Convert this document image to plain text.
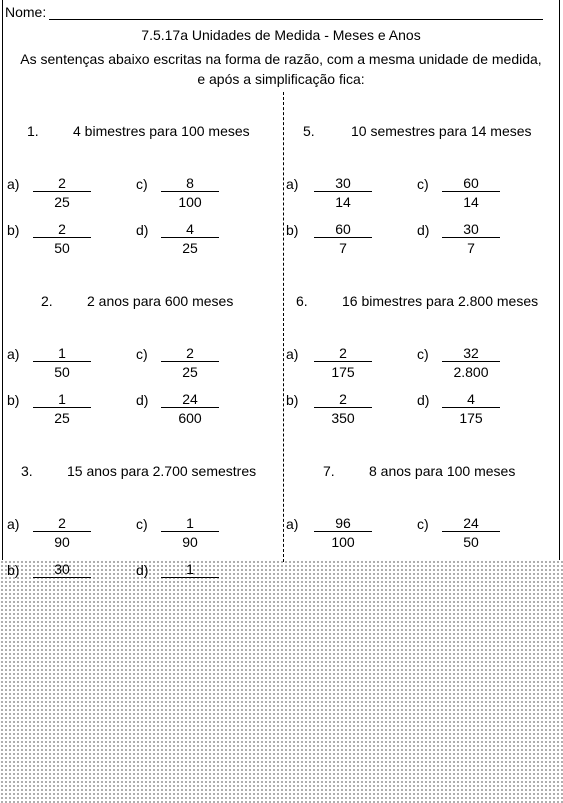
Nome:
7.5.17a Unidades de Medida - Meses e Anos
As sentenças abaixo escritas na forma de razão, com a mesma unidade de medida,
e após a simplificação fica:
1. 4 bimestres para 100 meses
$a) \frac{2}{25}$	$c) \frac{8}{100}$
$b) \frac{2}{50}$	$d) \frac{4}{25}$
5.	10 semestres para 14 meses
$a) \frac{30}{14}$	$c) \frac{60}{14}$
$b) \frac{60}{7}$	$d) \frac{30}{7}$
2. 2 anos para 600 meses
$a) \frac{1}{50}$	$c) \frac{2}{25}$
$b) \frac{1}{25}$	$d) \frac{24}{600}$
6. 16 bimestres para 2.800 meses
$a) \frac{2}{175}$	$c) \frac{32}{2.800}$
$b) \frac{2}{350}$	$d) \frac{4}{175}$
3. 15 anos para 2.700 semestres
$a) \frac{2}{90}$	$c) \frac{1}{90}$
b)	30	d)	1
7. 8 anos para 100 meses
$a) \frac{96}{100}$	$c) \frac{24}{50}$
